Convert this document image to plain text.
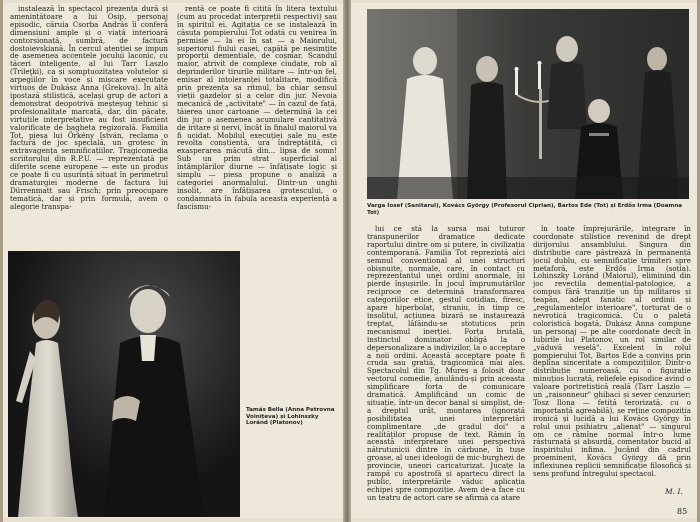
instalează în spectacol prezența dură și amenințătoare a lui Osip, personaj episodic, căruia Csorba András îi conferă dimensiuni ample și o viață interioară contorsionată, sumbră, de factură dostoievskiană. În cercul atenției se impun de asemenea accentele jocului laconic, cu tăceri inteligente, al lui Tarr Laszlo (Trileţki), ca și somptuozitatea volutelor și arpegiilor în voce și mișcare executate virtuos de Dukász Anna (Grekova). În altă ipostază stilistică, același grup de actori a demonstrat deopotrivă meșteșug tehnic și profesionalitate marcată, dar, din păcate, virtuțile interpretative au fost insuficient valorificate de bagheta regizorală. Familia Tot, piesa lui Örkény István, reclama o factură de joc specială, un grotesc în extravagența semnificațiilor. Tragicomedia scriitorului din R.P.U. — reprezentată pe diferite scene europene — este un produs ce poate fi cu ușurință situat în perimetrul dramaturgiei moderne de factura lui Dürrenmatt sau Frisch; prin preocupare tematică, dar și prin formulă, avem o alegorie transpa-

rentă ce poate fi citită în litera textului (cum au procedat interpreții respectivi) sau în spiritul ei. Agitația ce se instalează în căsuța pompierului Tot odată cu venirea în permisie — la ei în sat — a Maiorului, superiorul fiului casei, capătă pe nesimțite proporții dementiale, de coșmar. Scandul maior, atrivit de complexe ciudate, rob al deprinderilor tirurile militare — într-un fel, emisar al intoleranței totalitare, modifică prin prezența sa ritmul, ba chiar sensul vieții gazdelor și a celor din jur. Nevoia mecanică de „activitate" — în cazul de față, tăierea unor cartoane — determină la cei din jur o asemenea acumulare cantitativă de iritare și nervi, încât în finalul maiorul va fi ucidat. Mobilul execuției sale nu este revolta conștientă, ura îndreptățită, ci exasperarea măcută din... lipsa de somn! Sub un prim strat superficial al întâmplărilor diurne — înfățișate logic și simplu — piesa propune o analiză a categoriei anormalului. Dintr-un unghi insolit, are înfățișarea grotescului, o condamnată în fabula aceasta experiență a fascismu-

Tamás Bella (Anna Petrovna Voinițeva) și Lohinszky Loránd (Platonov)
Varga Iosef (Sanitarul), Kovács György (Profesorul Ciprian), Bartos Ede (Tot) și Erdős Irma (Doamna Tot)

lui ce stă la sursa mai tuturor transpunerilor dramatice dedicate raportului dintre om și putere, în civilizația contemporană. Familia Tot reprezintă aici semnul conventional al unei structuri obișnuite, normale, care, în contact cu reprezentantul unei ordini anormale, își pierde înșușirile. În jocul împrumutărilor reciproce ce determină transformarea categoriilor etice, gestul cotidian, firesc, apare hiperbolat, straniu, în timp ce insolitul, acțiunea bizară se instaurează treptat, lăfăindu-se stotuticos prin mecanismul inerției. Forța brutală, instinctul dominator obligă la o depersonalizare a indivizilor, la o acceptare a noii ordini. Această acceptare poate fi cruda sau gratiă, tragicomică mai ales. Spectacolul din Tg. Mureș a folosit doar vectorul comedie, anulându-și prin aceasta simplificare forța de comunicare dramatică. Amplificând un comic de situație, într-un decor banal și simplist, de-a dreptul urât, montarea (ignorată posibilitatea unei interpretări complimentare „de gradul doi" a realităților propuse de text. Rămin în această interpretare unei perspectivă nătrutunicii dintre în cărbune, în tușe groase, al unei ideologii de mic-burghezi de provincie, uneori caricaturizat. Jucate la rampă cu apostrofă și apartecu direct la public, interpretările văduc aplicația echipei spre compoziție. Avem de-a face cu un teatru de actori care se afirmă ca atare

în toate împrejurările, integrare în coordonate stilistice revenind de drept dirijorului ansamblului. Singura din distribuție care păstrează în permanență jocul dublu, cu semnificație trimiteri spre metaforă, este Erdős Irma (soția). Lohinszky Loránd (Maiorul), eliminind din joc revectila demențial-patologice, a compus fără tranziție un tip militaros și țeapăn, adept fanatic al ordinii și „regulamentelor interioare", torturat de o nevrotică tragicomică. Cu o paletă coloristică bogată, Dukász Anna compune un personaj — pe alte coordonate decît în Iubirile lui Platonov, un rol similar de „văduvă veselă". Excelent în rolul pompierului Tot, Bartos Ede a convins prin deplina sinceritate a compozițiilor. Dintr-o distribuție numeroasă, cu o figurație minuțios lucrată, reliefele episodice avind o valoare portretistică reală (Tarr Laszlo — un „raisonneur" ghibaci și sever cenzurier; Tosz Ilona — fetiță terorizată, cu o importanță agreabilă), se reține compoziția ironică și lucidă a lui Kovács György în rolul unui psihiatru „alienat" — singurul om ce rămîne normal într-o lume răsturnată și absurdă, comentator bucid al înspiritului infima. Jucând din cadrul proeminent, Kovács György dă prin inflexiunea replicii semnificație filosofică și sens profund întregului spectacol.

M. I.
85
